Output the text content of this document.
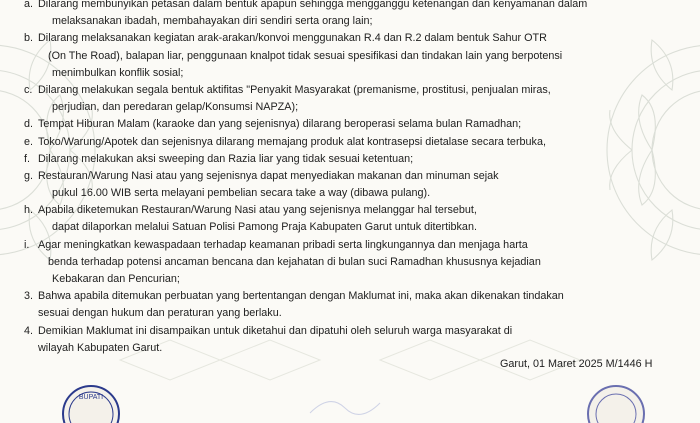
a. Dilarang membunyikan petasan dalam bentuk apapun sehingga mengganggu ketenangan dan kenyamanan dalam
melaksanakan ibadah, membahayakan diri sendiri serta orang lain;
b. Dilarang melaksanakan kegiatan arak-arakan/konvoi menggunakan R.4 dan R.2 dalam bentuk Sahur OTR
(On The Road), balapan liar, penggunaan knalpot tidak sesuai spesifikasi dan tindakan lain yang berpotensi
menimbulkan konflik sosial;
c. Dilarang melakukan segala bentuk aktifitas "Penyakit Masyarakat (premanisme, prostitusi, penjualan miras,
perjudian, dan peredaran gelap/Konsumsi NAPZA);
d. Tempat Hiburan Malam (karaoke dan yang sejenisnya) dilarang beroperasi selama bulan Ramadhan;
e. Toko/Warung/Apotek dan sejenisnya dilarang memajang produk alat kontrasepsi dietalase secara terbuka,
f. Dilarang melakukan aksi sweeping dan Razia liar yang tidak sesuai ketentuan;
g. Restauran/Warung Nasi atau yang sejenisnya dapat menyediakan makanan dan minuman sejak
pukul 16.00 WIB serta melayani pembelian secara take a way (dibawa pulang).
h. Apabila diketemukan Restauran/Warung Nasi atau yang sejenisnya melanggar hal tersebut,
dapat dilaporkan melalui Satuan Polisi Pamong Praja Kabupaten Garut untuk ditertibkan.
i. Agar meningkatkan kewaspadaan terhadap keamanan pribadi serta lingkungannya dan menjaga harta
benda terhadap potensi ancaman bencana dan kejahatan di bulan suci Ramadhan khususnya kejadian
Kebakaran dan Pencurian;
3. Bahwa apabila ditemukan perbuatan yang bertentangan dengan Maklumat ini, maka akan dikenakan tindakan
sesuai dengan hukum dan peraturan yang berlaku.
4. Demikian Maklumat ini disampaikan untuk diketahui dan dipatuhi oleh seluruh warga masyarakat di
wilayah Kabupaten Garut.
Garut, 01 Maret 2025 M/1446 H
BUPATI
